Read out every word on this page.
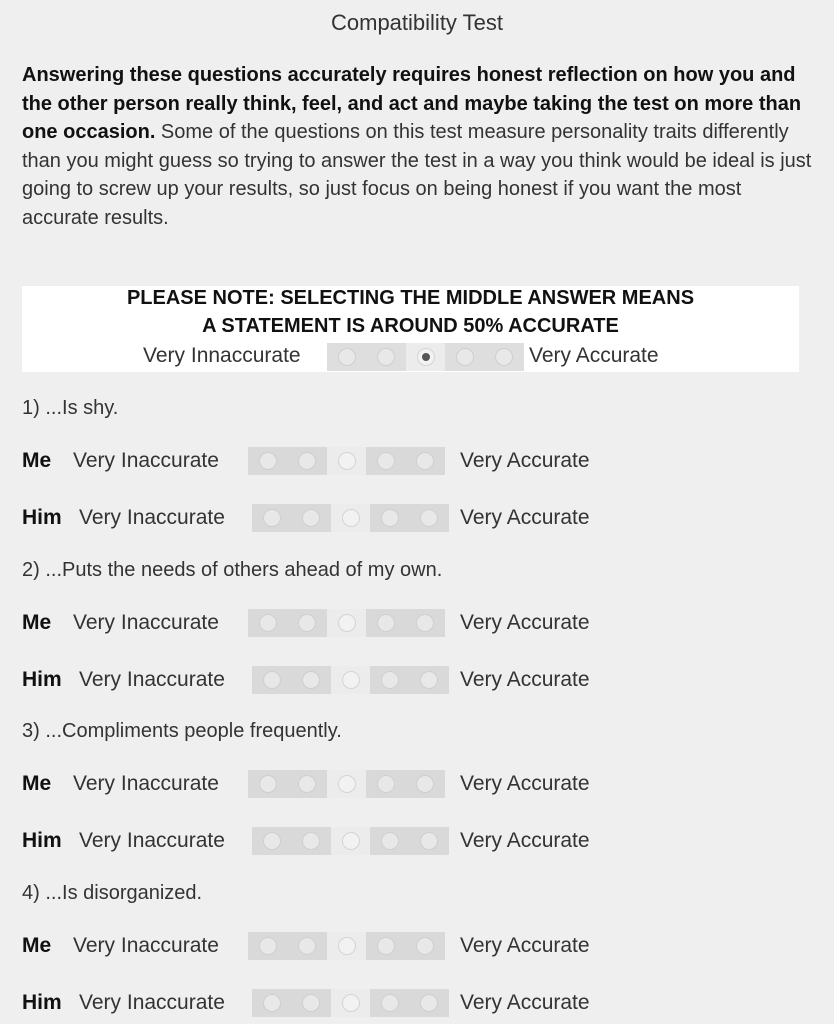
Compatibility Test
Answering these questions accurately requires honest reflection on how you and the other person really think, feel, and act and maybe taking the test on more than one occasion. Some of the questions on this test measure personality traits differently than you might guess so trying to answer the test in a way you think would be ideal is just going to screw up your results, so just focus on being honest if you want the most accurate results.
PLEASE NOTE: SELECTING THE MIDDLE ANSWER MEANS
A STATEMENT IS AROUND 50% ACCURATE
Very Innaccurate	Very Accurate
1) ...Is shy.
Me Very Inaccurate	Very Accurate
Him Very Inaccurate	Very Accurate
2) ...Puts the needs of others ahead of my own.
Me Very Inaccurate	Very Accurate
Him Very Inaccurate	Very Accurate
3) ...Compliments people frequently.
Me Very Inaccurate	Very Accurate
Him Very Inaccurate	Very Accurate
4) ...Is disorganized.
Me Very Inaccurate	Very Accurate
Him Very Inaccurate	Very Accurate
